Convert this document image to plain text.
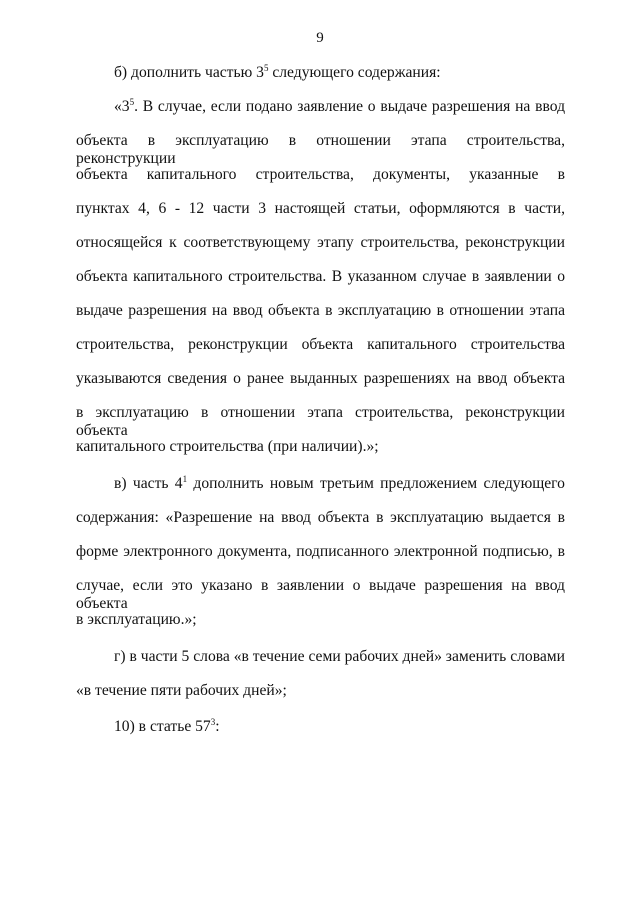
9
б) дополнить частью $3^5$ следующего содержания:
«$3^5$. В случае, если подано заявление о выдаче разрешения на ввод
объекта в эксплуатацию в отношении этапа строительства, реконструкции
объекта капитального строительства, документы, указанные в
пунктах 4, 6 - 12 части 3 настоящей статьи, оформляются в части,
относящейся к соответствующему этапу строительства, реконструкции
объекта капитального строительства. В указанном случае в заявлении о
выдаче разрешения на ввод объекта в эксплуатацию в отношении этапа
строительства, реконструкции объекта капитального строительства
указываются сведения о ранее выданных разрешениях на ввод объекта
в эксплуатацию в отношении этапа строительства, реконструкции объекта
капитального строительства (при наличии).»;
в) часть $4^1$ дополнить новым третьим предложением следующего
содержания: «Разрешение на ввод объекта в эксплуатацию выдается в
форме электронного документа, подписанного электронной подписью, в
случае, если это указано в заявлении о выдаче разрешения на ввод объекта
в эксплуатацию.»;
г) в части 5 слова «в течение семи рабочих дней» заменить словами
«в течение пяти рабочих дней»;
10) в статье $57^3$:
